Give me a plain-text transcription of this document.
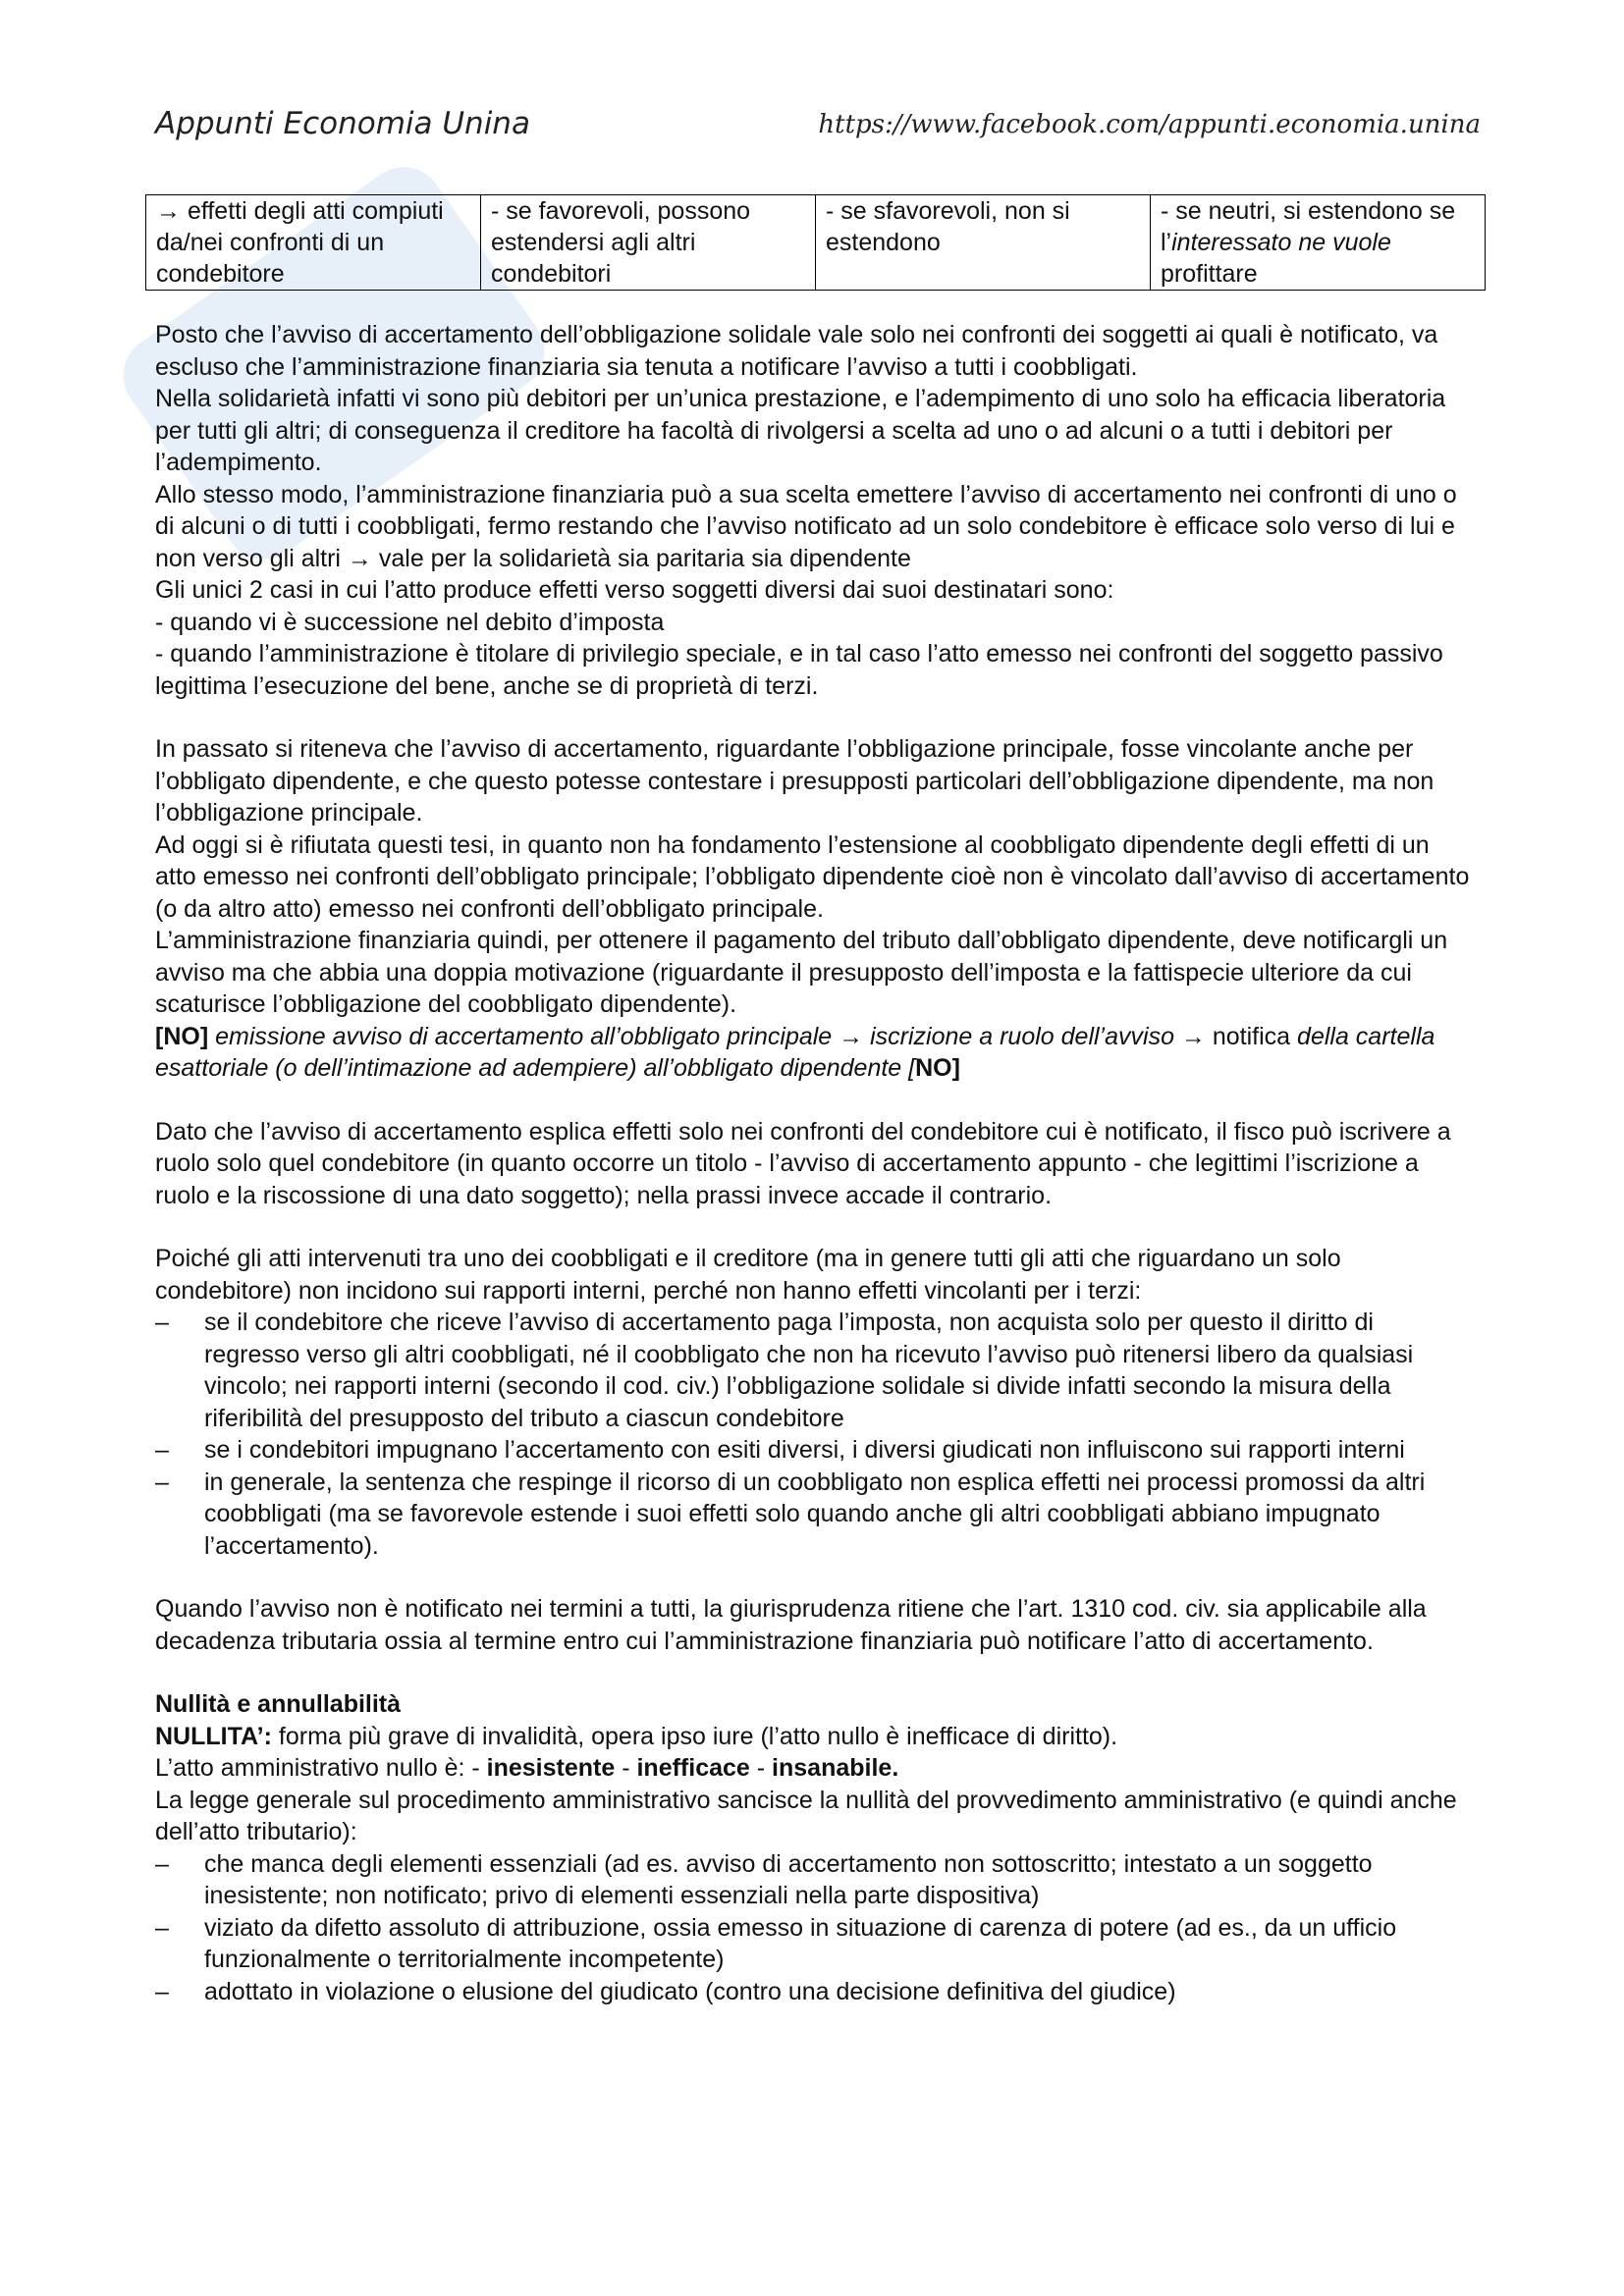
Appunti Economia Unina	https://www.facebook.com/appunti.economia.unina
→ effetti degli atti compiuti da/nei confronti di un condebitore	- se favorevoli, possono estendersi agli altri condebitori	- se sfavorevoli, non si estendono	- se neutri, si estendono se l’interessato ne vuole profittare

Posto che l’avviso di accertamento dell’obbligazione solidale vale solo nei confronti dei soggetti ai quali è notificato, va escluso che l’amministrazione finanziaria sia tenuta a notificare l’avviso a tutti i coobbligati.

Nella solidarietà infatti vi sono più debitori per un’unica prestazione, e l’adempimento di uno solo ha efficacia liberatoria per tutti gli altri; di conseguenza il creditore ha facoltà di rivolgersi a scelta ad uno o ad alcuni o a tutti i debitori per l’adempimento.

Allo stesso modo, l’amministrazione finanziaria può a sua scelta emettere l’avviso di accertamento nei confronti di uno o di alcuni o di tutti i coobbligati, fermo restando che l’avviso notificato ad un solo condebitore è efficace solo verso di lui e non verso gli altri → vale per la solidarietà sia paritaria sia dipendente

Gli unici 2 casi in cui l’atto produce effetti verso soggetti diversi dai suoi destinatari sono:

- quando vi è successione nel debito d’imposta

- quando l’amministrazione è titolare di privilegio speciale, e in tal caso l’atto emesso nei confronti del soggetto passivo legittima l’esecuzione del bene, anche se di proprietà di terzi.

In passato si riteneva che l’avviso di accertamento, riguardante l’obbligazione principale, fosse vincolante anche per l’obbligato dipendente, e che questo potesse contestare i presupposti particolari dell’obbligazione dipendente, ma non l’obbligazione principale.

Ad oggi si è rifiutata questi tesi, in quanto non ha fondamento l’estensione al coobbligato dipendente degli effetti di un atto emesso nei confronti dell’obbligato principale; l’obbligato dipendente cioè non è vincolato dall’avviso di accertamento (o da altro atto) emesso nei confronti dell’obbligato principale.

L’amministrazione finanziaria quindi, per ottenere il pagamento del tributo dall’obbligato dipendente, deve notificargli un avviso ma che abbia una doppia motivazione (riguardante il presupposto dell’imposta e la fattispecie ulteriore da cui scaturisce l’obbligazione del coobbligato dipendente).

[NO] emissione avviso di accertamento all’obbligato principale → iscrizione a ruolo dell’avviso → notifica della cartella esattoriale (o dell’intimazione ad adempiere) all’obbligato dipendente [NO]

Dato che l’avviso di accertamento esplica effetti solo nei confronti del condebitore cui è notificato, il fisco può iscrivere a ruolo solo quel condebitore (in quanto occorre un titolo - l’avviso di accertamento appunto - che legittimi l’iscrizione a ruolo e la riscossione di una dato soggetto); nella prassi invece accade il contrario.

Poiché gli atti intervenuti tra uno dei coobbligati e il creditore (ma in genere tutti gli atti che riguardano un solo condebitore) non incidono sui rapporti interni, perché non hanno effetti vincolanti per i terzi:

– se il condebitore che riceve l’avviso di accertamento paga l’imposta, non acquista solo per questo il diritto di regresso verso gli altri coobbligati, né il coobbligato che non ha ricevuto l’avviso può ritenersi libero da qualsiasi vincolo; nei rapporti interni (secondo il cod. civ.) l’obbligazione solidale si divide infatti secondo la misura della riferibilità del presupposto del tributo a ciascun condebitore
– se i condebitori impugnano l’accertamento con esiti diversi, i diversi giudicati non influiscono sui rapporti interni
– in generale, la sentenza che respinge il ricorso di un coobbligato non esplica effetti nei processi promossi da altri coobbligati (ma se favorevole estende i suoi effetti solo quando anche gli altri coobbligati abbiano impugnato l’accertamento).

Quando l’avviso non è notificato nei termini a tutti, la giurisprudenza ritiene che l’art. 1310 cod. civ. sia applicabile alla decadenza tributaria ossia al termine entro cui l’amministrazione finanziaria può notificare l’atto di accertamento.

Nullità e annullabilità

NULLITA’: forma più grave di invalidità, opera ipso iure (l’atto nullo è inefficace di diritto).

L’atto amministrativo nullo è: - inesistente - inefficace - insanabile.

La legge generale sul procedimento amministrativo sancisce la nullità del provvedimento amministrativo (e quindi anche dell’atto tributario):

– che manca degli elementi essenziali (ad es. avviso di accertamento non sottoscritto; intestato a un soggetto inesistente; non notificato; privo di elementi essenziali nella parte dispositiva)
– viziato da difetto assoluto di attribuzione, ossia emesso in situazione di carenza di potere (ad es., da un ufficio funzionalmente o territorialmente incompetente)
– adottato in violazione o elusione del giudicato (contro una decisione definitiva del giudice)
